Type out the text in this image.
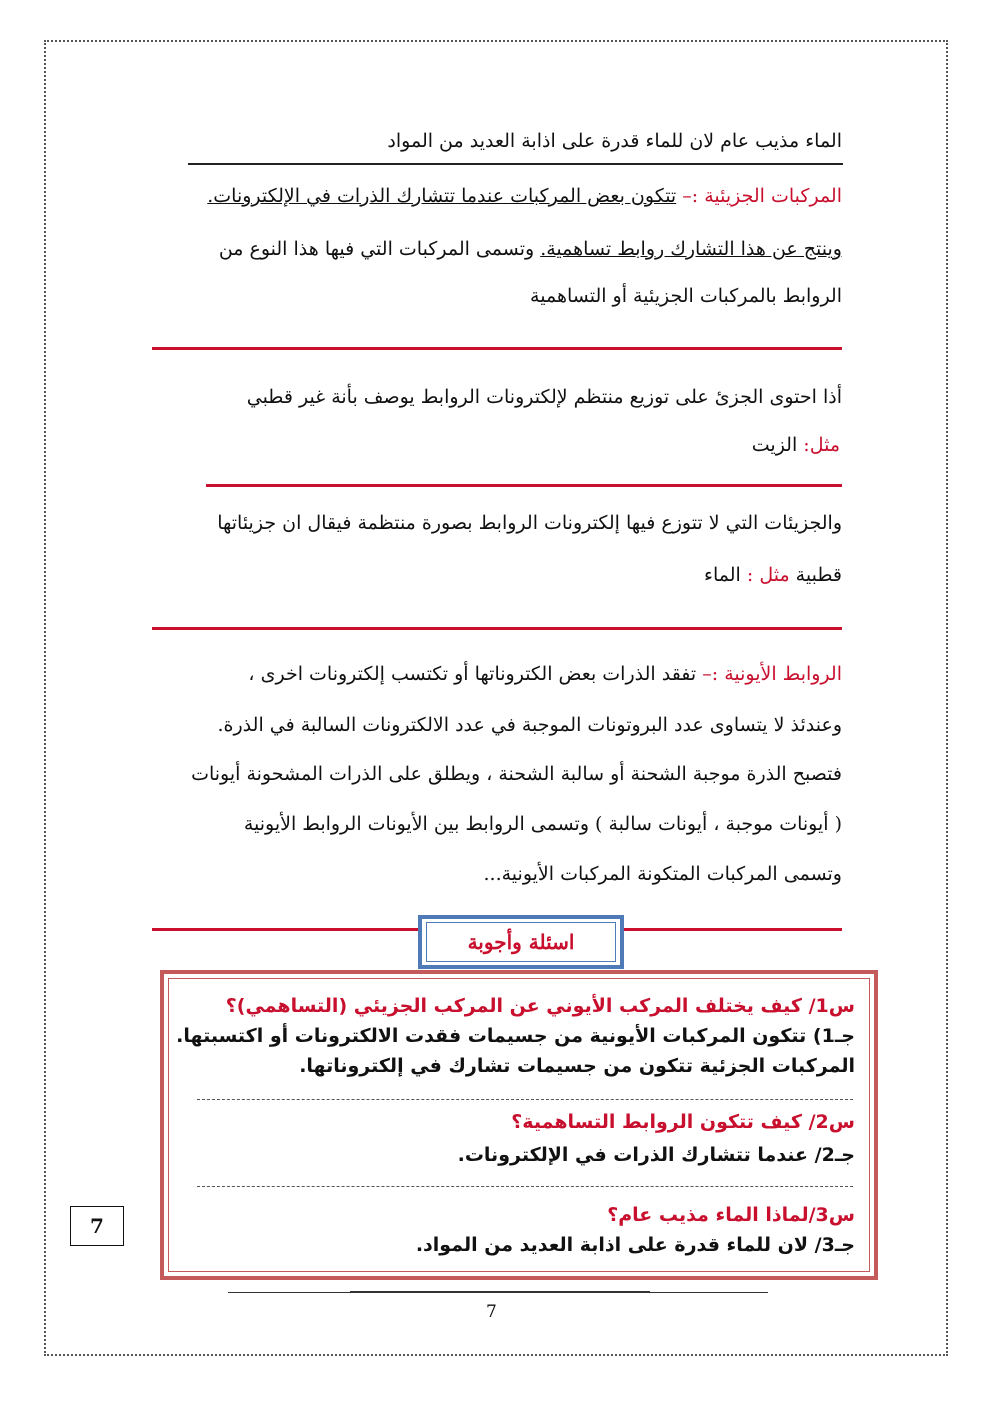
الماء مذيب عام لان للماء قدرة على اذابة العديد من المواد
المركبات الجزيئية :– تتكون بعض المركبات عندما تتشارك الذرات في الإلكترونات.
وينتج عن هذا التشارك روابط تساهمية. وتسمى المركبات التي فيها هذا النوع من
الروابط بالمركبات الجزيئية أو التساهمية
أذا احتوى الجزئ على توزيع منتظم لإلكترونات الروابط يوصف بأنة غير قطبي
مثل: الزيت
والجزيئات التي لا تتوزع فيها إلكترونات الروابط بصورة منتظمة فيقال ان جزيئاتها
قطبية مثل : الماء
الروابط الأيونية :– تفقد الذرات بعض الكتروناتها أو تكتسب إلكترونات اخرى ،
وعندئذ لا يتساوى عدد البروتونات الموجبة في عدد الالكترونات السالبة في الذرة.
فتصبح الذرة موجبة الشحنة أو سالبة الشحنة ، ويطلق على الذرات المشحونة أيونات
( أيونات موجبة ، أيونات سالبة ) وتسمى الروابط بين الأيونات الروابط الأيونية
وتسمى المركبات المتكونة المركبات الأيونية...
اسئلة وأجوبة
س1/ كيف يختلف المركب الأيوني عن المركب الجزيئي (التساهمي)؟
جـ1) تتكون المركبات الأيونية من جسيمات فقدت الالكترونات أو اكتسبتها.
المركبات الجزئية تتكون من جسيمات تشارك في إلكتروناتها.
س2/ كيف تتكون الروابط التساهمية؟
جـ2/ عندما تتشارك الذرات في الإلكترونات.
س3/لماذا الماء مذيب عام؟
جـ3/ لان للماء قدرة على اذابة العديد من المواد.
7
7
